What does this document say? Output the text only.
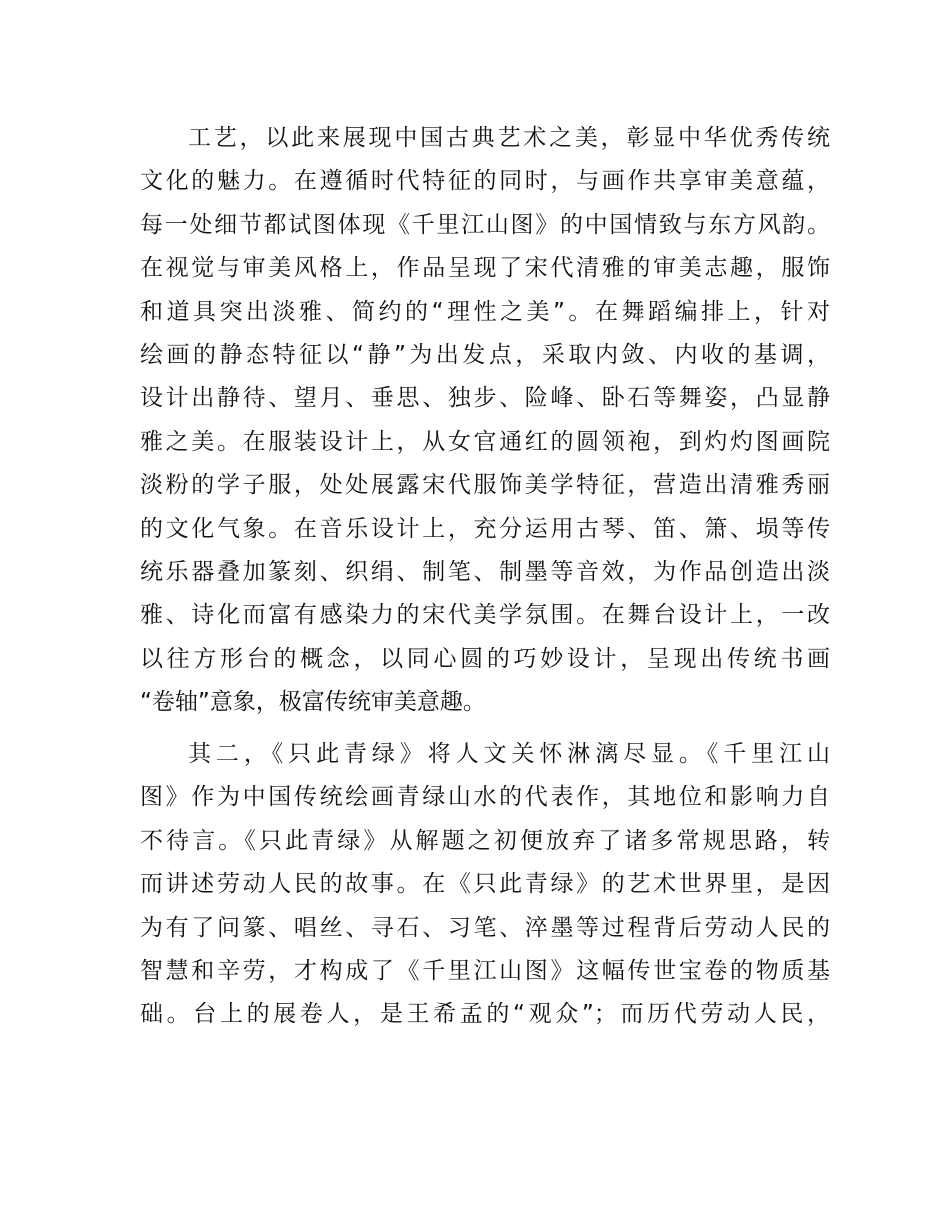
工艺，以此来展现中国古典艺术之美，彰显中华优秀传统
文化的魅力。在遵循时代特征的同时，与画作共享审美意蕴，
每一处细节都试图体现《千里江山图》的中国情致与东方风韵。
在视觉与审美风格上，作品呈现了宋代清雅的审美志趣，服饰
和道具突出淡雅、简约的“理性之美”。在舞蹈编排上，针对
绘画的静态特征以“静”为出发点，采取内敛、内收的基调，
设计出静待、望月、垂思、独步、险峰、卧石等舞姿，凸显静
雅之美。在服装设计上，从女官通红的圆领袍，到灼灼图画院
淡粉的学子服，处处展露宋代服饰美学特征，营造出清雅秀丽
的文化气象。在音乐设计上，充分运用古琴、笛、箫、埙等传
统乐器叠加篆刻、织绢、制笔、制墨等音效，为作品创造出淡
雅、诗化而富有感染力的宋代美学氛围。在舞台设计上，一改
以往方形台的概念，以同心圆的巧妙设计，呈现出传统书画
“卷轴”意象，极富传统审美意趣。
其二，《只此青绿》将人文关怀淋漓尽显。《千里江山
图》作为中国传统绘画青绿山水的代表作，其地位和影响力自
不待言。《只此青绿》从解题之初便放弃了诸多常规思路，转
而讲述劳动人民的故事。在《只此青绿》的艺术世界里，是因
为有了问篆、唱丝、寻石、习笔、淬墨等过程背后劳动人民的
智慧和辛劳，才构成了《千里江山图》这幅传世宝卷的物质基
础。台上的展卷人，是王希孟的“观众”；而历代劳动人民，
